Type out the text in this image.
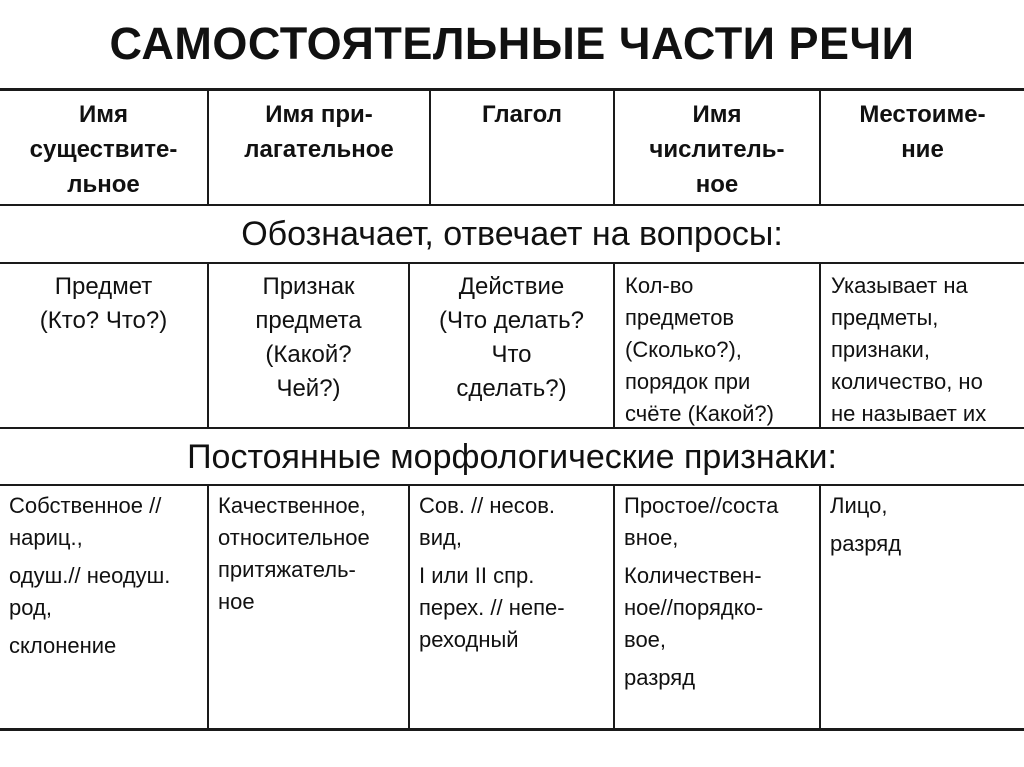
САМОСТОЯТЕЛЬНЫЕ ЧАСТИ РЕЧИ
Имя
существите-
льное
Имя при-
лагательное
Глагол	Имя
числитель-
ное
Местоиме-
ние
Обозначает, отвечает на вопросы:
Предмет
(Кто? Что?)
Признак
предмета
(Какой?
Чей?)
Действие
(Что делать?
Что
сделать?)
Кол-во
предметов
(Сколько?),
порядок при
счёте (Какой?)
Указывает на
предметы,
признаки,
количество, но
не называет их
Постоянные морфологические признаки:
Собственное //
нариц.,
одуш.// неодуш.
род,
склонение
Качественное,
относительное
притяжатель-
ное
Сов. // несов.
вид,
I или II спр.
перех. // непе-
реходный
Простое//соста
вное,
Количествен-
ное//порядко-
вое,
разряд
Лицо,
разряд
